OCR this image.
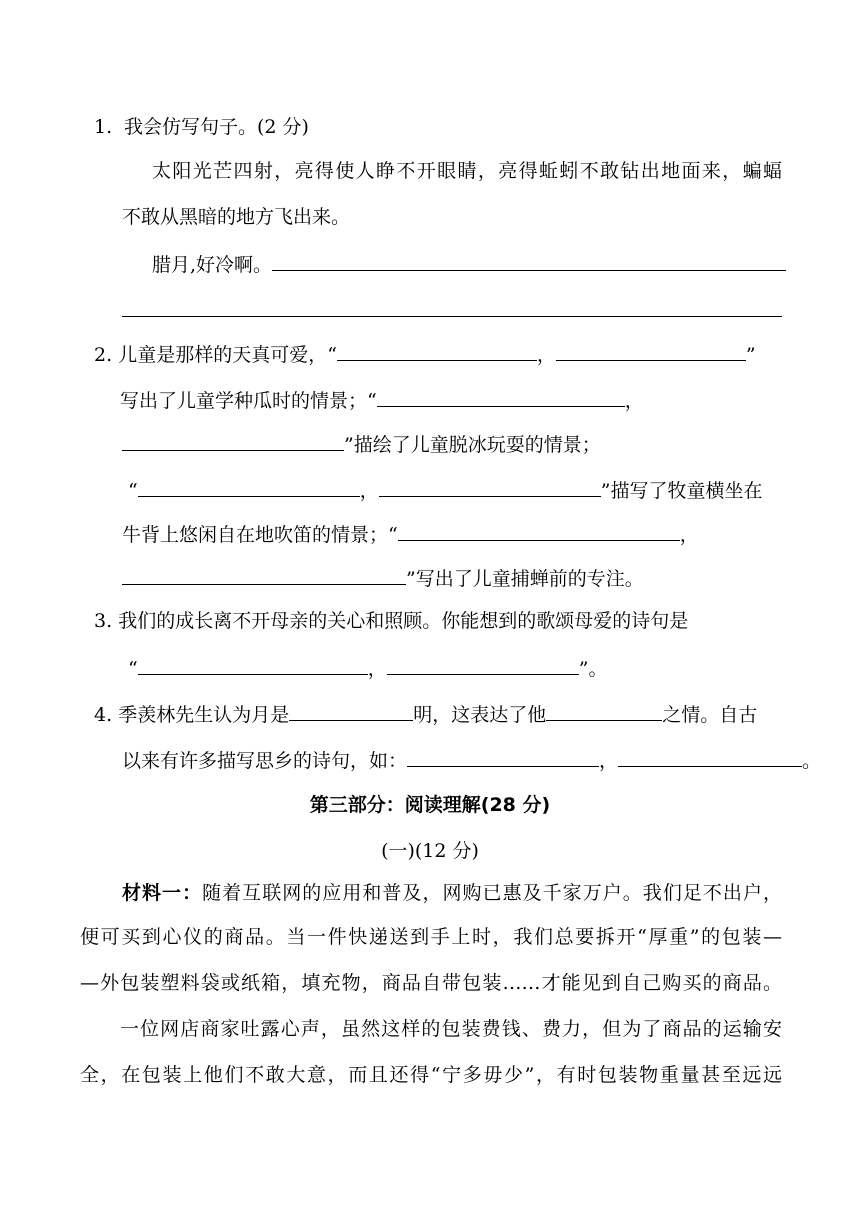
1. 我会仿写句子。(2 分)
太阳光芒四射，亮得使人睁不开眼睛，亮得蚯蚓不敢钻出地面来，蝙蝠
不敢从黑暗的地方飞出来。
腊月,好冷啊。
2. 儿童是那样的天真可爱，“	，	”
写出了儿童学种瓜时的情景；“	，
”描绘了儿童脱冰玩耍的情景；
“	，	”描写了牧童横坐在
牛背上悠闲自在地吹笛的情景；“	，
”写出了儿童捕蝉前的专注。
3. 我们的成长离不开母亲的关心和照顾。你能想到的歌颂母爱的诗句是
“	，	”。
4. 季羡林先生认为月是	明，这表达了他	之情。自古
以来有许多描写思乡的诗句，如：	，	。
第三部分：阅读理解(28 分)
(一)(12 分)
材料一：随着互联网的应用和普及，网购已惠及千家万户。我们足不出户，
便可买到心仪的商品。当一件快递送到手上时，我们总要拆开“厚重”的包装—
—外包装塑料袋或纸箱，填充物，商品自带包装……才能见到自己购买的商品。
一位网店商家吐露心声，虽然这样的包装费钱、费力，但为了商品的运输安
全，在包装上他们不敢大意，而且还得“宁多毋少”，有时包装物重量甚至远远
